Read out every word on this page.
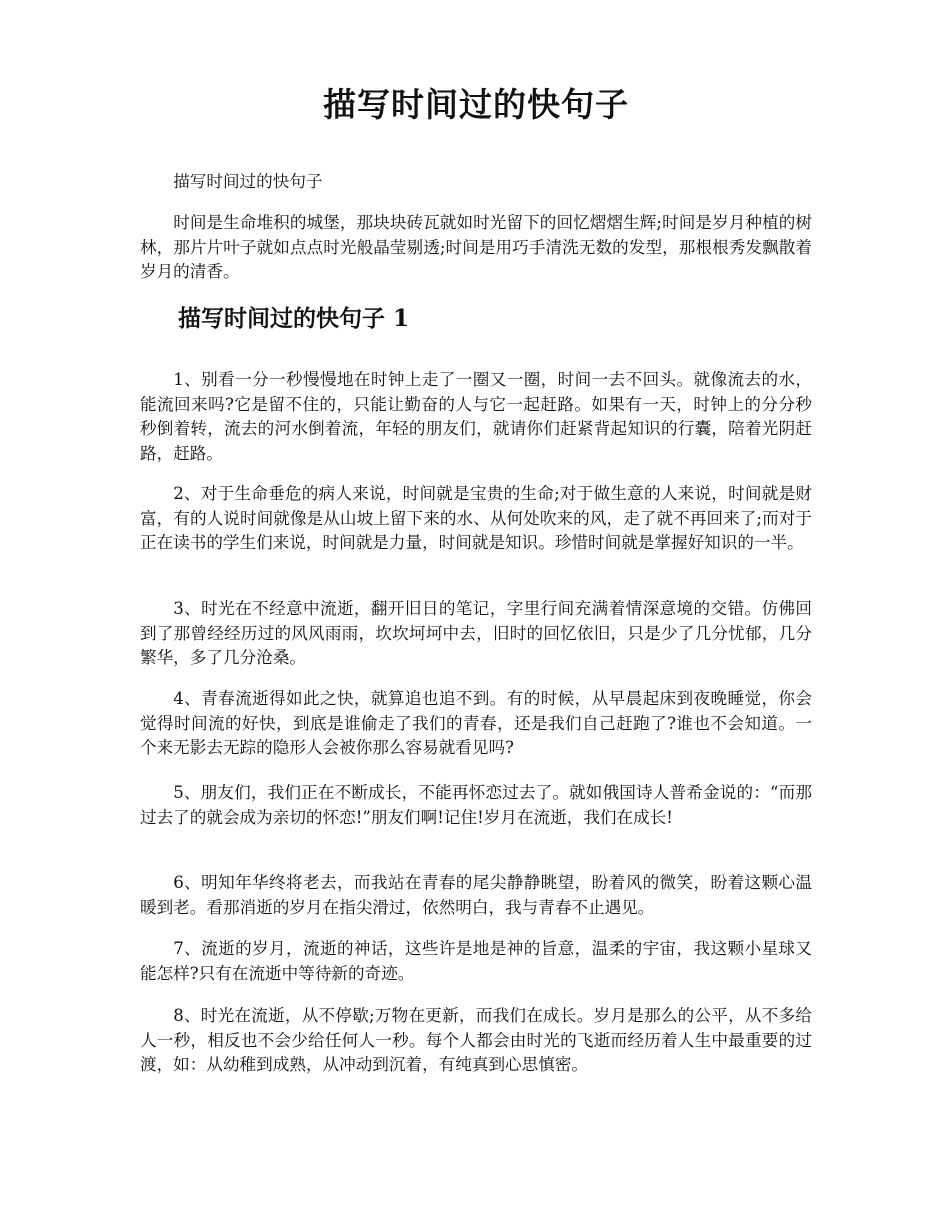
描写时间过的快句子

描写时间过的快句子

时间是生命堆积的城堡，那块块砖瓦就如时光留下的回忆熠熠生辉;时间是岁月种植的树林，那片片叶子就如点点时光般晶莹剔透;时间是用巧手清洗无数的发型，那根根秀发飘散着岁月的清香。

描写时间过的快句子 1

1、别看一分一秒慢慢地在时钟上走了一圈又一圈，时间一去不回头。就像流去的水，能流回来吗?它是留不住的，只能让勤奋的人与它一起赶路。如果有一天，时钟上的分分秒秒倒着转，流去的河水倒着流，年轻的朋友们，就请你们赶紧背起知识的行囊，陪着光阴赶路，赶路。

2、对于生命垂危的病人来说，时间就是宝贵的生命;对于做生意的人来说，时间就是财富，有的人说时间就像是从山坡上留下来的水、从何处吹来的风，走了就不再回来了;而对于正在读书的学生们来说，时间就是力量，时间就是知识。珍惜时间就是掌握好知识的一半。

3、时光在不经意中流逝，翻开旧日的笔记，字里行间充满着情深意境的交错。仿佛回到了那曾经经历过的风风雨雨，坎坎坷坷中去，旧时的回忆依旧，只是少了几分忧郁，几分繁华，多了几分沧桑。

4、青春流逝得如此之快，就算追也追不到。有的时候，从早晨起床到夜晚睡觉，你会觉得时间流的好快，到底是谁偷走了我们的青春，还是我们自己赶跑了?谁也不会知道。一个来无影去无踪的隐形人会被你那么容易就看见吗?

5、朋友们，我们正在不断成长，不能再怀恋过去了。就如俄国诗人普希金说的：“而那过去了的就会成为亲切的怀恋!”朋友们啊!记住!岁月在流逝，我们在成长!

6、明知年华终将老去，而我站在青春的尾尖静静眺望，盼着风的微笑，盼着这颗心温暖到老。看那消逝的岁月在指尖滑过，依然明白，我与青春不止遇见。

7、流逝的岁月，流逝的神话，这些许是地是神的旨意，温柔的宇宙，我这颗小星球又能怎样?只有在流逝中等待新的奇迹。

8、时光在流逝，从不停歇;万物在更新，而我们在成长。岁月是那么的公平，从不多给人一秒，相反也不会少给任何人一秒。每个人都会由时光的飞逝而经历着人生中最重要的过渡，如：从幼稚到成熟，从冲动到沉着，有纯真到心思慎密。
